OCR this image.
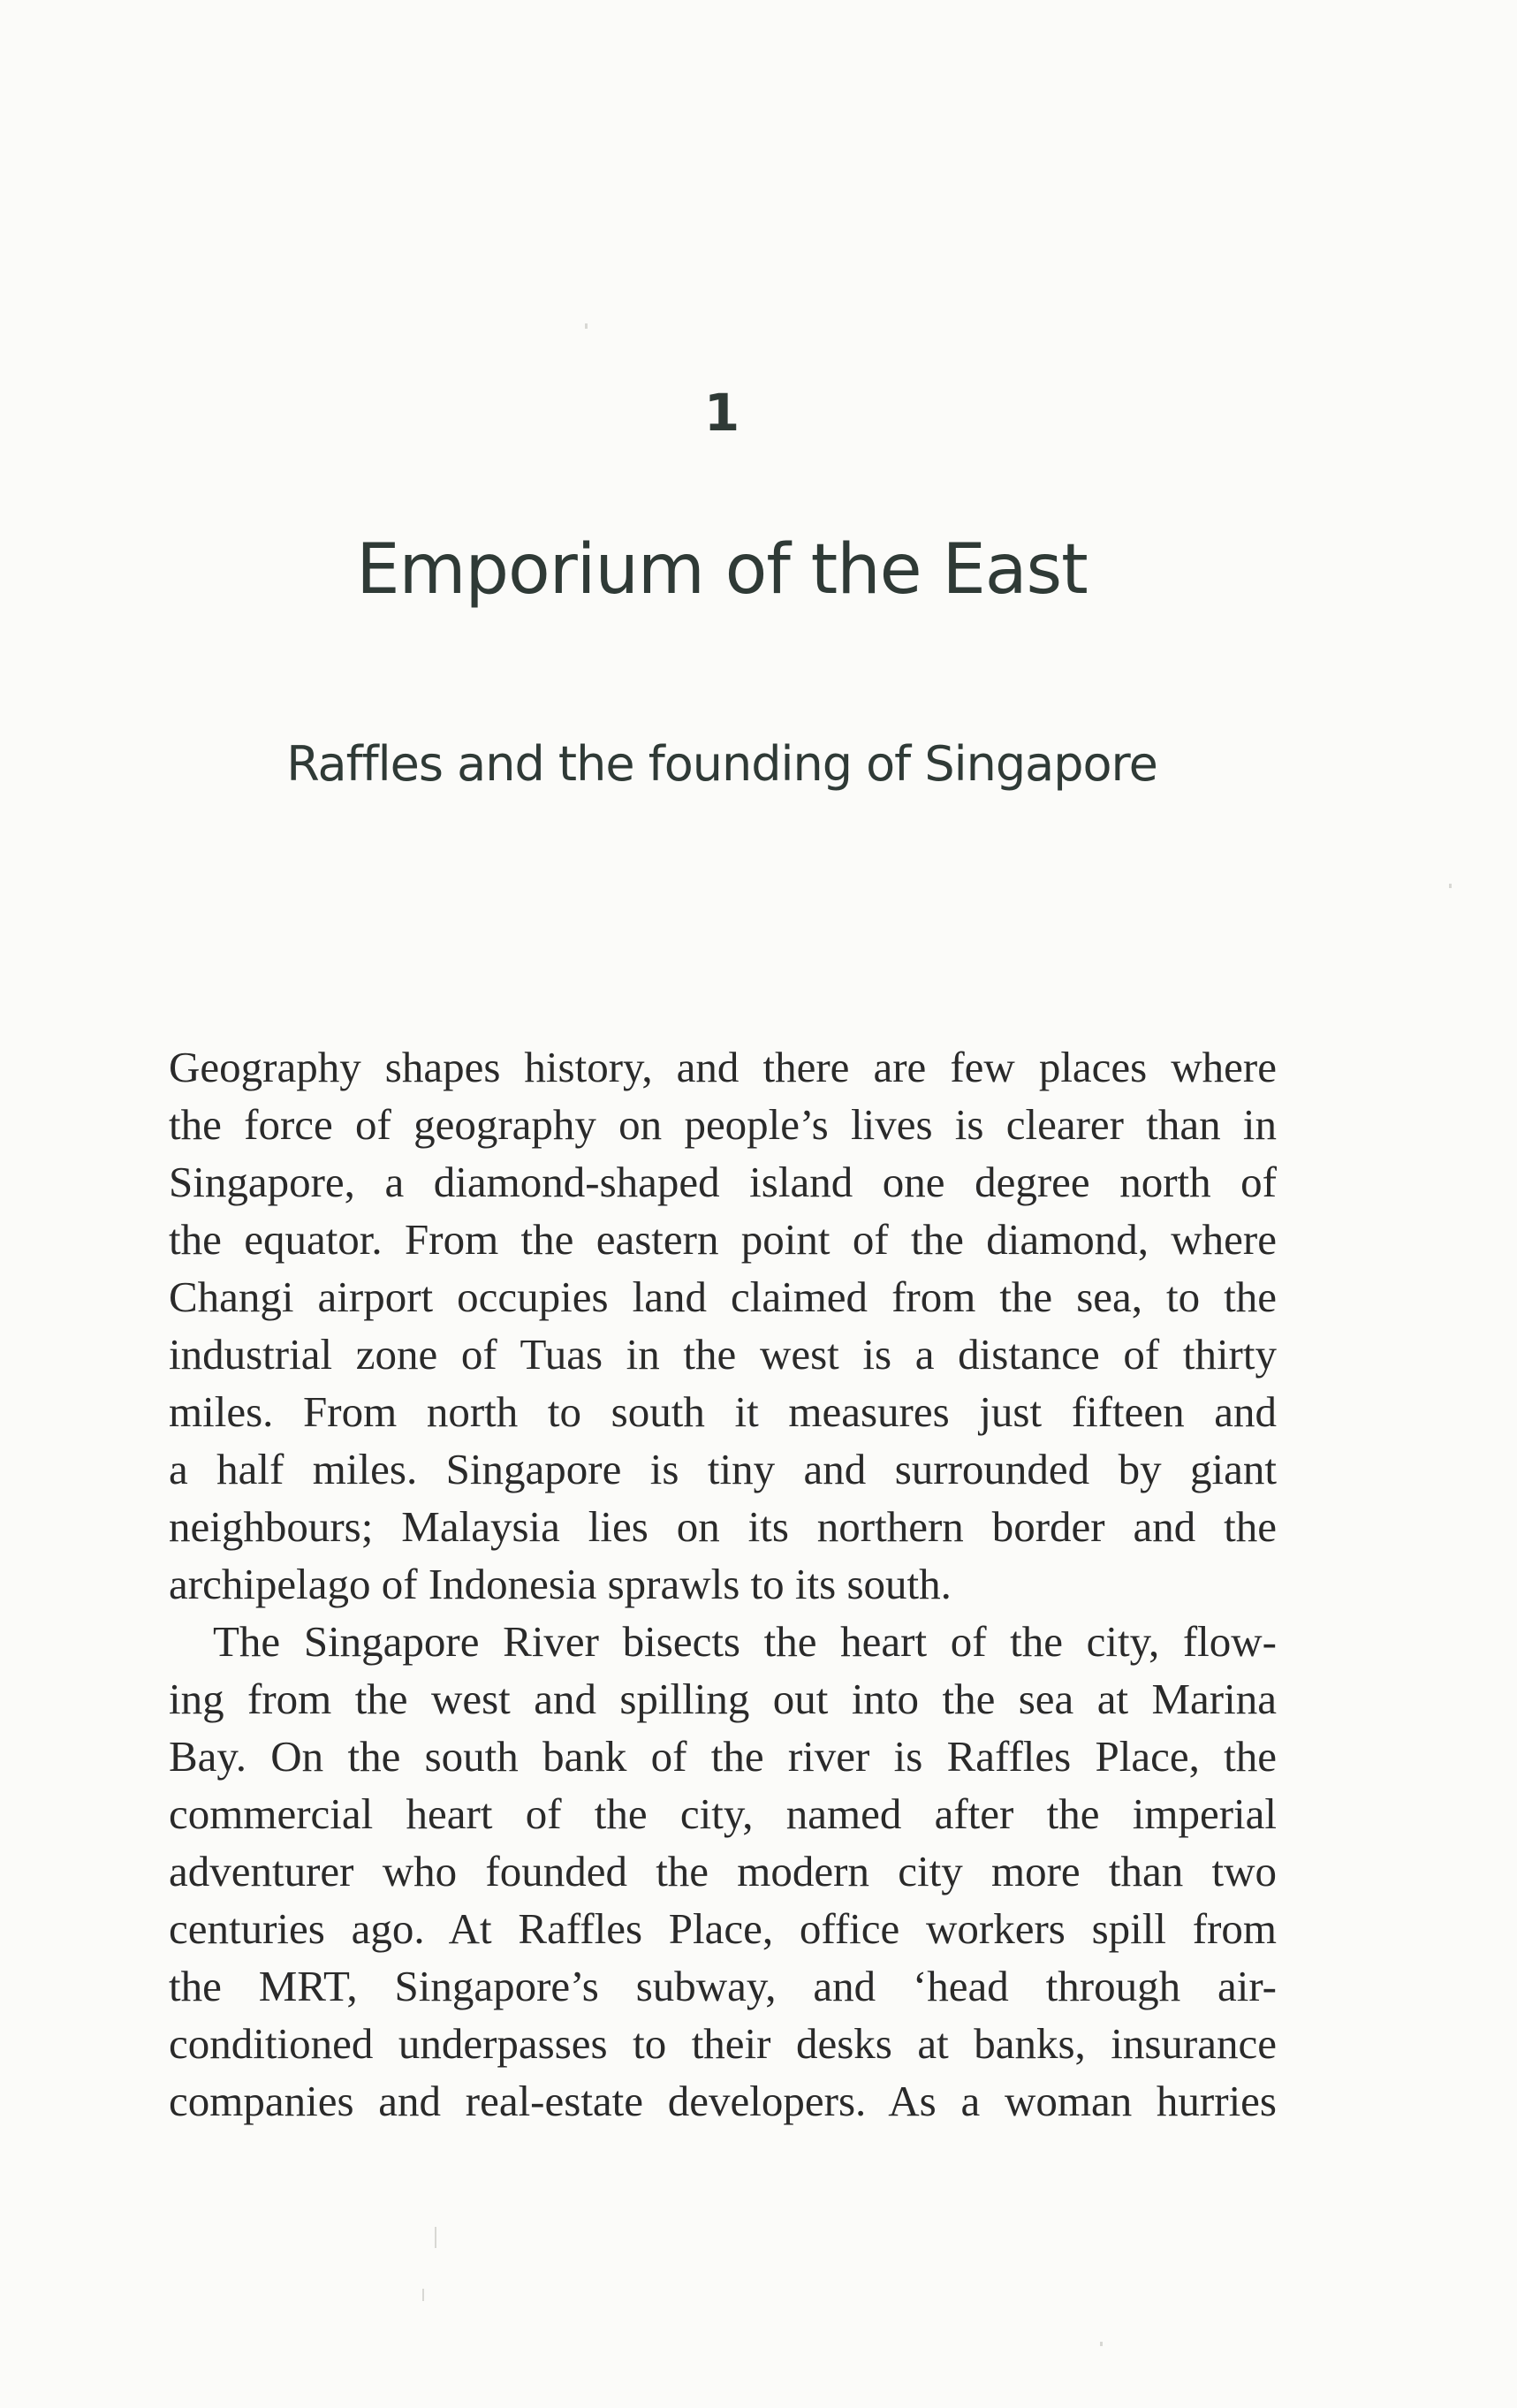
1
Emporium of the East
Raffles and the founding of Singapore
Geography shapes history, and there are few places where
the force of geography on people’s lives is clearer than in
Singapore, a diamond-shaped island one degree north of
the equator. From the eastern point of the diamond, where
Changi airport occupies land claimed from the sea, to the
industrial zone of Tuas in the west is a distance of thirty
miles. From north to south it measures just fifteen and
a half miles. Singapore is tiny and surrounded by giant
neighbours; Malaysia lies on its northern border and the
archipelago of Indonesia sprawls to its south.
The Singapore River bisects the heart of the city, flow-
ing from the west and spilling out into the sea at Marina
Bay. On the south bank of the river is Raffles Place, the
commercial heart of the city, named after the imperial
adventurer who founded the modern city more than two
centuries ago. At Raffles Place, office workers spill from
the MRT, Singapore’s subway, and ‘head through air-
conditioned underpasses to their desks at banks, insurance
companies and real-estate developers. As a woman hurries
